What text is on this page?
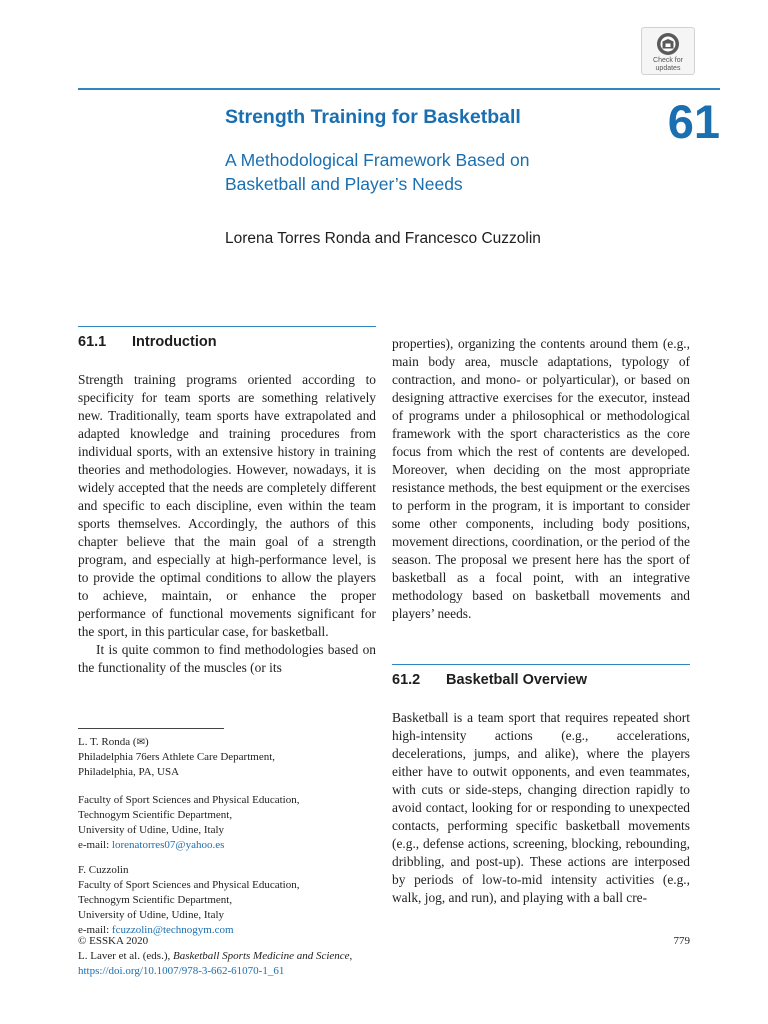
Check for updates
61
Strength Training for Basketball
A Methodological Framework Based on
Basketball and Player’s Needs
Lorena Torres Ronda and Francesco Cuzzolin
61.1 Introduction

Strength training programs oriented according to specificity for team sports are something relatively new. Traditionally, team sports have extrapolated and adapted knowledge and training procedures from individual sports, with an extensive history in training theories and methodologies. However, nowadays, it is widely accepted that the needs are completely different and specific to each discipline, even within the team sports themselves. Accordingly, the authors of this chapter believe that the main goal of a strength program, and especially at high-performance level, is to provide the optimal conditions to allow the players to achieve, maintain, or enhance the proper performance of functional movements significant for the sport, in this particular case, for basketball.

It is quite common to find methodologies based on the functionality of the muscles (or its

L. T. Ronda (✉)
Philadelphia 76ers Athlete Care Department,
Philadelphia, PA, USA
Faculty of Sport Sciences and Physical Education,
Technogym Scientific Department,
University of Udine, Udine, Italy
e-mail: lorenatorres07@yahoo.es
F. Cuzzolin
Faculty of Sport Sciences and Physical Education,
Technogym Scientific Department,
University of Udine, Udine, Italy
e-mail: fcuzzolin@technogym.com

properties), organizing the contents around them (e.g., main body area, muscle adaptations, typology of contraction, and mono- or polyarticular), or based on designing attractive exercises for the executor, instead of programs under a philosophical or methodological framework with the sport characteristics as the core focus from which the rest of contents are developed. Moreover, when deciding on the most appropriate resistance methods, the best equipment or the exercises to perform in the program, it is important to consider some other components, including body positions, movement directions, coordination, or the period of the season. The proposal we present here has the sport of basketball as a focal point, with an integrative methodology based on basketball movements and players’ needs.

61.2 Basketball Overview

Basketball is a team sport that requires repeated short high-intensity actions (e.g., accelerations, decelerations, jumps, and alike), where the players either have to outwit opponents, and even teammates, with cuts or side-steps, changing direction rapidly to avoid contact, looking for or responding to unexpected contacts, performing specific basketball movements (e.g., defense actions, screening, blocking, rebounding, dribbling, and post-up). These actions are interposed by periods of low-to-mid intensity activities (e.g., walk, jog, and run), and playing with a ball cre-

© ESSKA 2020
L. Laver et al. (eds.), Basketball Sports Medicine and Science,
https://doi.org/10.1007/978-3-662-61070-1_61
779
